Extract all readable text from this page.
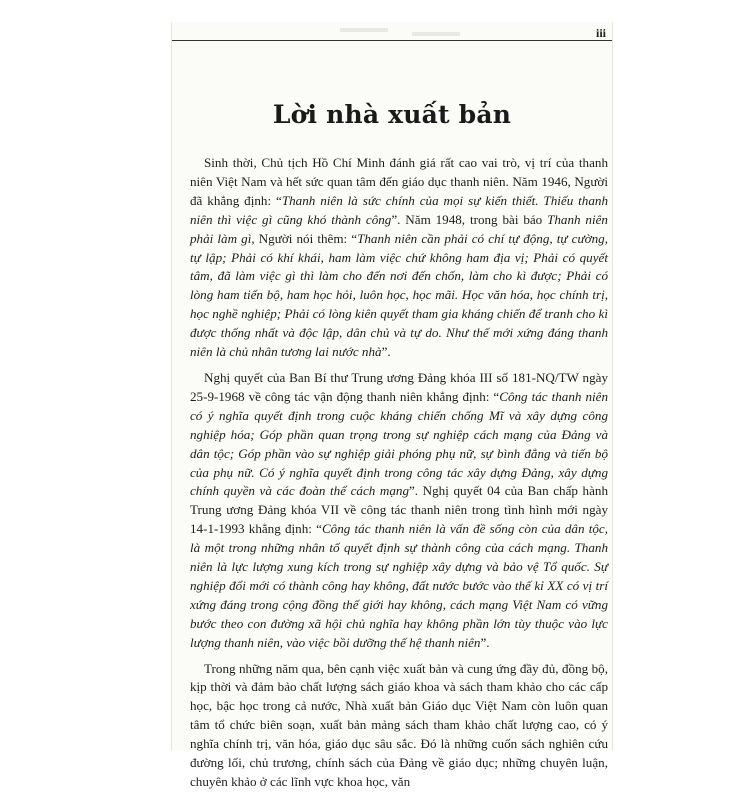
iii
Lời nhà xuất bản

Sinh thời, Chủ tịch Hồ Chí Minh đánh giá rất cao vai trò, vị trí của thanh niên Việt Nam và hết sức quan tâm đến giáo dục thanh niên. Năm 1946, Người đã khẳng định: “Thanh niên là sức chính của mọi sự kiến thiết. Thiếu thanh niên thì việc gì cũng khó thành công”. Năm 1948, trong bài báo Thanh niên phải làm gì, Người nói thêm: “Thanh niên cần phải có chí tự động, tự cường, tự lập; Phải có khí khái, ham làm việc chứ không ham địa vị; Phải có quyết tâm, đã làm việc gì thì làm cho đến nơi đến chốn, làm cho kì được; Phải có lòng ham tiến bộ, ham học hỏi, luôn học, học mãi. Học văn hóa, học chính trị, học nghề nghiệp; Phải có lòng kiên quyết tham gia kháng chiến để tranh cho kì được thống nhất và độc lập, dân chủ và tự do. Như thế mới xứng đáng thanh niên là chủ nhân tương lai nước nhà”.

Nghị quyết của Ban Bí thư Trung ương Đảng khóa III số 181-NQ/TW ngày 25-9-1968 về công tác vận động thanh niên khẳng định: “Công tác thanh niên có ý nghĩa quyết định trong cuộc kháng chiến chống Mĩ và xây dựng công nghiệp hóa; Góp phần quan trọng trong sự nghiệp cách mạng của Đảng và dân tộc; Góp phần vào sự nghiệp giải phóng phụ nữ, sự bình đẳng và tiến bộ của phụ nữ. Có ý nghĩa quyết định trong công tác xây dựng Đảng, xây dựng chính quyền và các đoàn thể cách mạng”. Nghị quyết 04 của Ban chấp hành Trung ương Đảng khóa VII về công tác thanh niên trong tình hình mới ngày 14-1-1993 khẳng định: “Công tác thanh niên là vấn đề sống còn của dân tộc, là một trong những nhân tố quyết định sự thành công của cách mạng. Thanh niên là lực lượng xung kích trong sự nghiệp xây dựng và bảo vệ Tổ quốc. Sự nghiệp đổi mới có thành công hay không, đất nước bước vào thế kỉ XX có vị trí xứng đáng trong cộng đồng thế giới hay không, cách mạng Việt Nam có vững bước theo con đường xã hội chủ nghĩa hay không phần lớn tùy thuộc vào lực lượng thanh niên, vào việc bồi dưỡng thế hệ thanh niên”.

Trong những năm qua, bên cạnh việc xuất bản và cung ứng đầy đủ, đồng bộ, kịp thời và đảm bảo chất lượng sách giáo khoa và sách tham khảo cho các cấp học, bậc học trong cả nước, Nhà xuất bản Giáo dục Việt Nam còn luôn quan tâm tổ chức biên soạn, xuất bản mảng sách tham khảo chất lượng cao, có ý nghĩa chính trị, văn hóa, giáo dục sâu sắc. Đó là những cuốn sách nghiên cứu đường lối, chủ trương, chính sách của Đảng về giáo dục; những chuyên luận, chuyên khảo ở các lĩnh vực khoa học, văn
